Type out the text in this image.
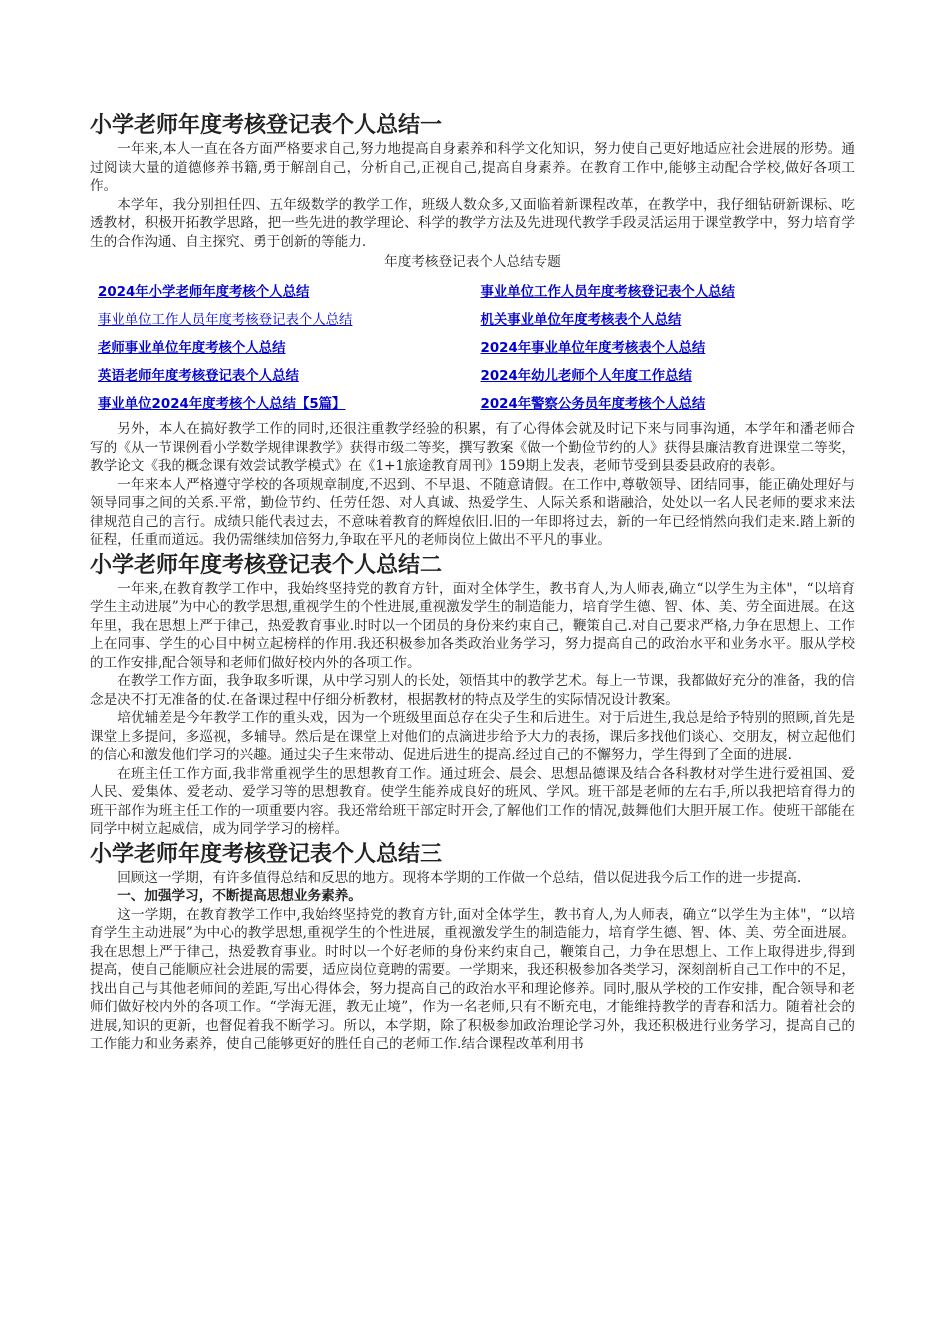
小学老师年度考核登记表个人总结一

一年来,本人一直在各方面严格要求自己,努力地提高自身素养和科学文化知识，努力使自己更好地适应社会进展的形势。通过阅读大量的道德修养书籍,勇于解剖自己，分析自己,正视自己,提高自身素养。在教育工作中,能够主动配合学校,做好各项工作。

本学年，我分别担任四、五年级数学的教学工作，班级人数众多,又面临着新课程改革，在教学中，我仔细钻研新课标、吃透教材，积极开拓教学思路，把一些先进的教学理论、科学的教学方法及先进现代教学手段灵活运用于课堂教学中，努力培育学生的合作沟通、自主探究、勇于创新的等能力.

年度考核登记表个人总结专题
2024年小学老师年度考核个人总结	事业单位工作人员年度考核登记表个人总结
事业单位工作人员年度考核登记表个人总结	机关事业单位年度考核表个人总结
老师事业单位年度考核个人总结	2024年事业单位年度考核表个人总结
英语老师年度考核登记表个人总结	2024年幼儿老师个人年度工作总结
事业单位2024年度考核个人总结【5篇】	2024年警察公务员年度考核个人总结

另外，本人在搞好教学工作的同时,还很注重教学经验的积累，有了心得体会就及时记下来与同事沟通，本学年和潘老师合写的《从一节课例看小学数学规律课教学》获得市级二等奖，撰写教案《做一个勤俭节约的人》获得县廉洁教育进课堂二等奖，教学论文《我的概念课有效尝试教学模式》在《1+1旅途教育周刊》159期上发表，老师节受到县委县政府的表彰。

一年来本人严格遵守学校的各项规章制度,不迟到、不早退、不随意请假。在工作中,尊敬领导、团结同事，能正确处理好与领导同事之间的关系.平常，勤俭节约、任劳任怨、对人真诚、热爱学生、人际关系和谐融洽，处处以一名人民老师的要求来法律规范自己的言行。成绩只能代表过去，不意味着教育的辉煌依旧.旧的一年即将过去，新的一年已经悄然向我们走来.踏上新的征程，任重而道远。我仍需继续加倍努力,争取在平凡的老师岗位上做出不平凡的事业。

小学老师年度考核登记表个人总结二

一年来,在教育教学工作中，我始终坚持党的教育方针，面对全体学生，教书育人,为人师表,确立“以学生为主体"，“以培育学生主动进展”为中心的教学思想,重视学生的个性进展,重视激发学生的制造能力，培育学生德、智、体、美、劳全面进展。在这年里，我在思想上严于律己，热爱教育事业.时时以一个团员的身份来约束自己，鞭策自己.对自己要求严格,力争在思想上、工作上在同事、学生的心目中树立起榜样的作用.我还积极参加各类政治业务学习，努力提高自己的政治水平和业务水平。服从学校的工作安排,配合领导和老师们做好校内外的各项工作。

在教学工作方面，我争取多听课，从中学习别人的长处，领悟其中的教学艺术。每上一节课，我都做好充分的准备，我的信念是决不打无准备的仗.在备课过程中仔细分析教材，根据教材的特点及学生的实际情况设计教案。

培优辅差是今年教学工作的重头戏，因为一个班级里面总存在尖子生和后进生。对于后进生,我总是给予特别的照顾,首先是课堂上多提问，多巡视，多辅导。然后是在课堂上对他们的点滴进步给予大力的表扬，课后多找他们谈心、交朋友，树立起他们的信心和激发他们学习的兴趣。通过尖子生来带动、促进后进生的提高.经过自己的不懈努力，学生得到了全面的进展.

在班主任工作方面,我非常重视学生的思想教育工作。通过班会、晨会、思想品德课及结合各科教材对学生进行爱祖国、爱人民、爱集体、爱老动、爱学习等的思想教育。使学生能养成良好的班风、学风。班干部是老师的左右手,所以我把培育得力的班干部作为班主任工作的一项重要内容。我还常给班干部定时开会,了解他们工作的情况,鼓舞他们大胆开展工作。使班干部能在同学中树立起威信，成为同学学习的榜样。

小学老师年度考核登记表个人总结三

回顾这一学期，有许多值得总结和反思的地方。现将本学期的工作做一个总结，借以促进我今后工作的进一步提高.

一、加强学习，不断提高思想业务素养。

这一学期，在教育教学工作中,我始终坚持党的教育方针,面对全体学生，教书育人,为人师表，确立“以学生为主体"，“以培育学生主动进展”为中心的教学思想,重视学生的个性进展，重视激发学生的制造能力，培育学生德、智、体、美、劳全面进展。我在思想上严于律己，热爱教育事业。时时以一个好老师的身份来约束自己，鞭策自己，力争在思想上、工作上取得进步,得到提高，使自己能顺应社会进展的需要，适应岗位竟聘的需要。一学期来，我还积极参加各类学习，深刻剖析自己工作中的不足，找出自己与其他老师间的差距,写出心得体会，努力提高自己的政治水平和理论修养。同时,服从学校的工作安排，配合领导和老师们做好校内外的各项工作。“学海无涯，教无止境”，作为一名老师,只有不断充电，才能维持教学的青春和活力。随着社会的进展,知识的更新，也督促着我不断学习。所以，本学期，除了积极参加政治理论学习外，我还积极进行业务学习，提高自己的工作能力和业务素养，使自己能够更好的胜任自己的老师工作.结合课程改革利用书
